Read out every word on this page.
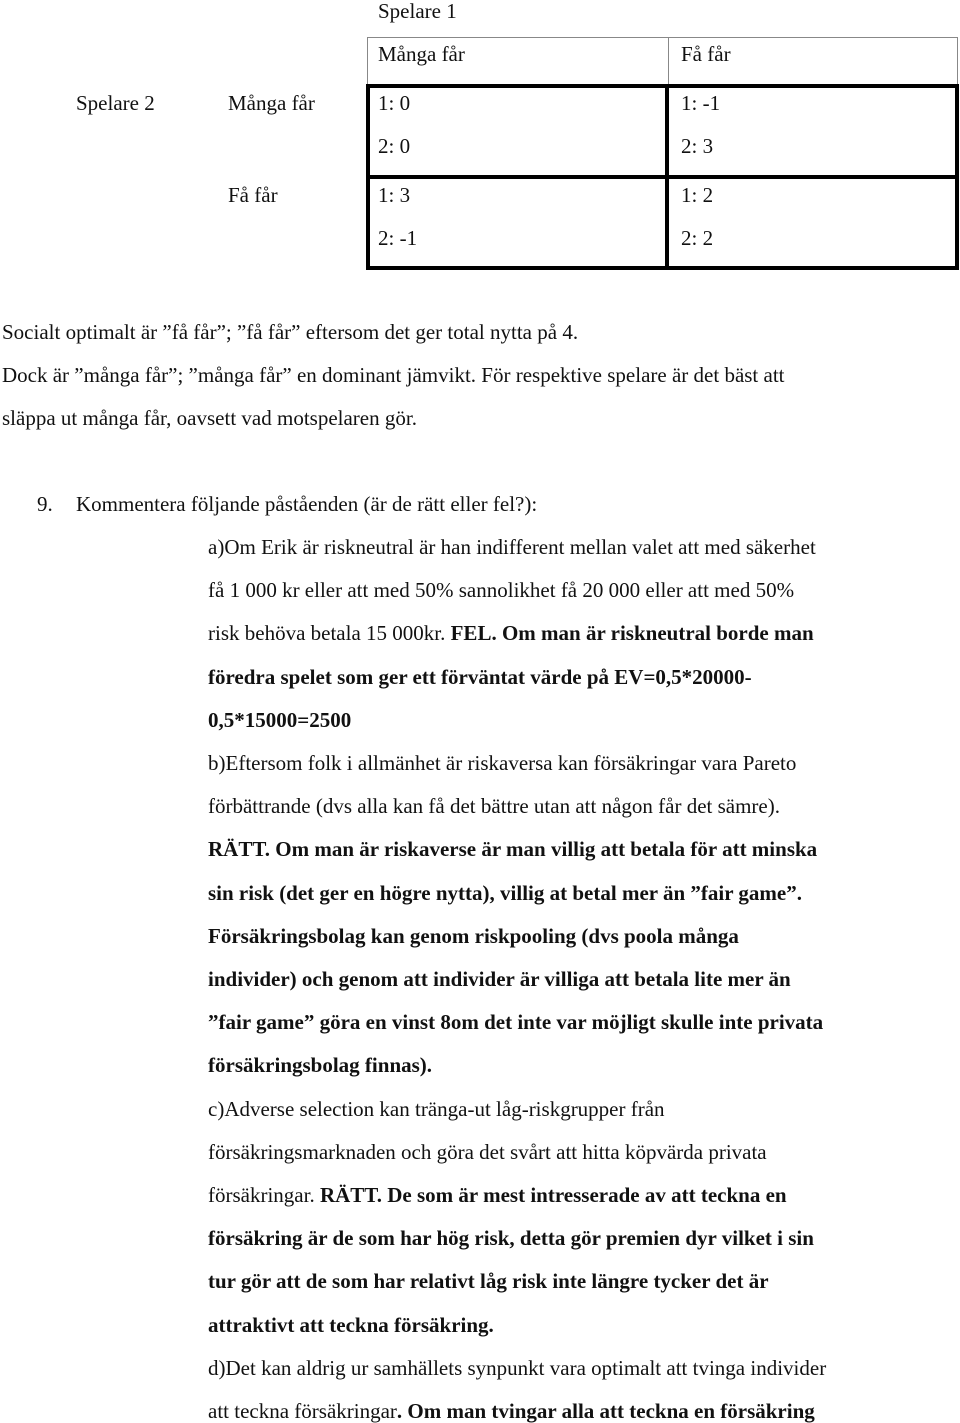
Spelare 1
Många får	Få får
Spelare 2	Många får
Få får
1: 0
2: 0
1: -1
2: 3
1: 3
2: -1
1: 2
2: 2
Socialt optimalt är ”få får”; ”få får” eftersom det ger total nytta på 4.
Dock är ”många får”; ”många får” en dominant jämvikt. För respektive spelare är det bäst att
släppa ut många får, oavsett vad motspelaren gör.
9. Kommentera följande påståenden (är de rätt eller fel?):
a)Om Erik är riskneutral är han indifferent mellan valet att med säkerhet
få 1 000 kr eller att med 50% sannolikhet få 20 000 eller att med 50%
risk behöva betala 15 000kr. FEL. Om man är riskneutral borde man
föredra spelet som ger ett förväntat värde på EV=0,5*20000-
0,5*15000=2500
b)Eftersom folk i allmänhet är riskaversa kan försäkringar vara Pareto
förbättrande (dvs alla kan få det bättre utan att någon får det sämre).
RÄTT. Om man är riskaverse är man villig att betala för att minska
sin risk (det ger en högre nytta), villig at betal mer än ”fair game”.
Försäkringsbolag kan genom riskpooling (dvs poola många
individer) och genom att individer är villiga att betala lite mer än
”fair game” göra en vinst 8om det inte var möjligt skulle inte privata
försäkringsbolag finnas).
c)Adverse selection kan tränga-ut låg-riskgrupper från
försäkringsmarknaden och göra det svårt att hitta köpvärda privata
försäkringar. RÄTT. De som är mest intresserade av att teckna en
försäkring är de som har hög risk, detta gör premien dyr vilket i sin
tur gör att de som har relativt låg risk inte längre tycker det är
attraktivt att teckna försäkring.
d)Det kan aldrig ur samhällets synpunkt vara optimalt att tvinga individer
att teckna försäkringar. Om man tvingar alla att teckna en försäkring
